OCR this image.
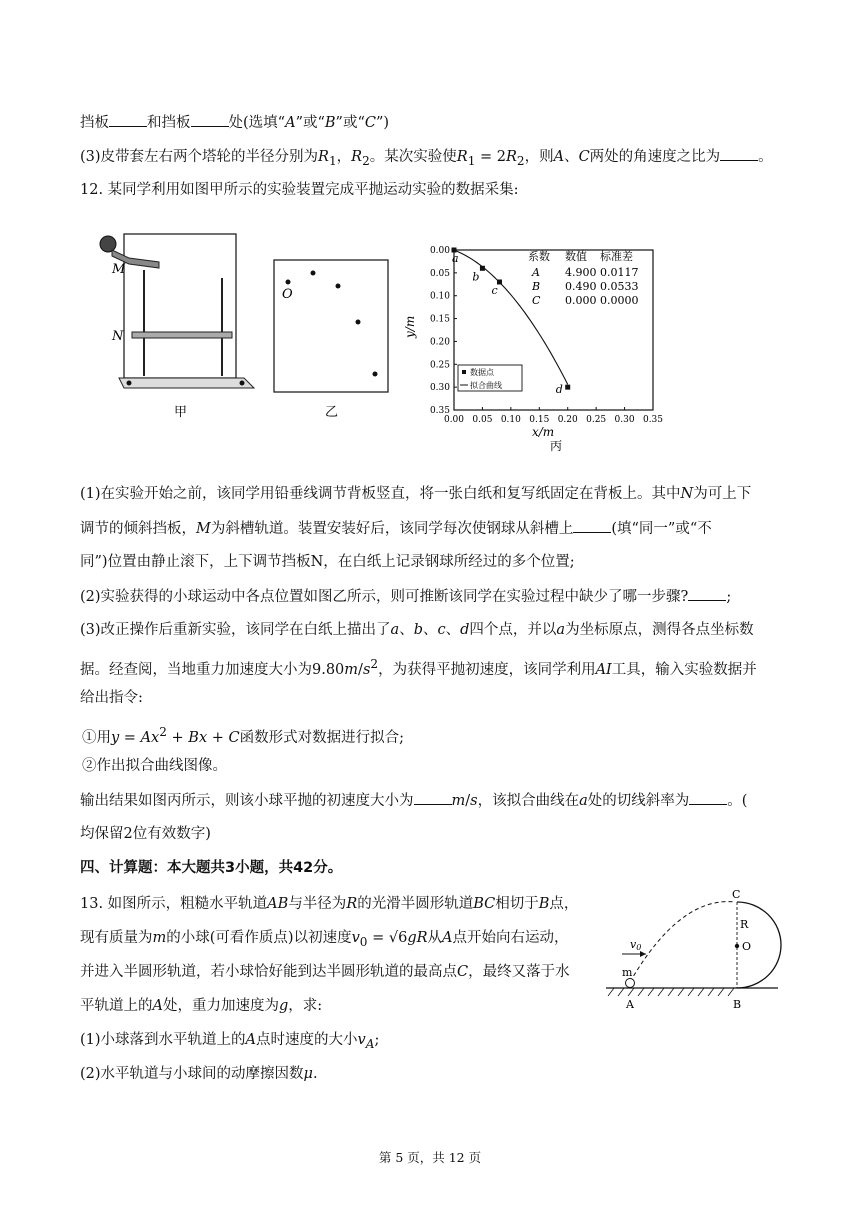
挡板	和挡板	处(选填“A”或“B”或“C”)
(3)皮带套左右两个塔轮的半径分别为$R_1$，$R_2$。某次实验使$R_1 = 2R_2$，则A、C两处的角速度之比为	。
12. 某同学利用如图甲所示的实验装置完成平抛运动实验的数据采集:
M
N
甲
O
乙	0.00 0.05 0.10 0.15 0.20 0.25 0.30 0.35
0.00
0.05
0.10
0.15
0.20
0.25
0.30
0.35
a
b
c
d
系数 数值 标准差
A 4.900 0.0117
B 0.490 0.0533
C 0.000 0.0000
数据点
拟合曲线
y/m
x/m
丙
(1)在实验开始之前，该同学用铅垂线调节背板竖直，将一张白纸和复写纸固定在背板上。其中N为可上下
调节的倾斜挡板，M为斜槽轨道。装置安装好后，该同学每次使钢球从斜槽上	(填“同一”或“不
同”)位置由静止滚下，上下调节挡板N，在白纸上记录钢球所经过的多个位置;
(2)实验获得的小球运动中各点位置如图乙所示，则可推断该同学在实验过程中缺少了哪一步骤?	;
(3)改正操作后重新实验，该同学在白纸上描出了a、b、c、d四个点，并以a为坐标原点，测得各点坐标数
据。经查阅，当地重力加速度大小为$9.80m/s^2$，为获得平抛初速度，该同学利用AI工具，输入实验数据并
给出指令:
①用$y = Ax^2 + Bx + C$函数形式对数据进行拟合;
②作出拟合曲线图像。
输出结果如图丙所示，则该小球平抛的初速度大小为	m/s，该拟合曲线在a处的切线斜率为	。(
均保留2位有效数字)
四、计算题：本大题共3小题，共42分。
13. 如图所示，粗糙水平轨道AB与半径为R的光滑半圆形轨道BC相切于B点，
现有质量为m的小球(可看作质点)以初速度$v_0 = √6gR$从A点开始向右运动，
并进入半圆形轨道，若小球恰好能到达半圆形轨道的最高点C，最终又落于水
平轨道上的A处，重力加速度为g，求:
(1)小球落到水平轨道上的A点时速度的大小$v_A$;
(2)水平轨道与小球间的动摩擦因数μ.
C
R
O
v0
m
A	B
第 5 页，共 12 页
